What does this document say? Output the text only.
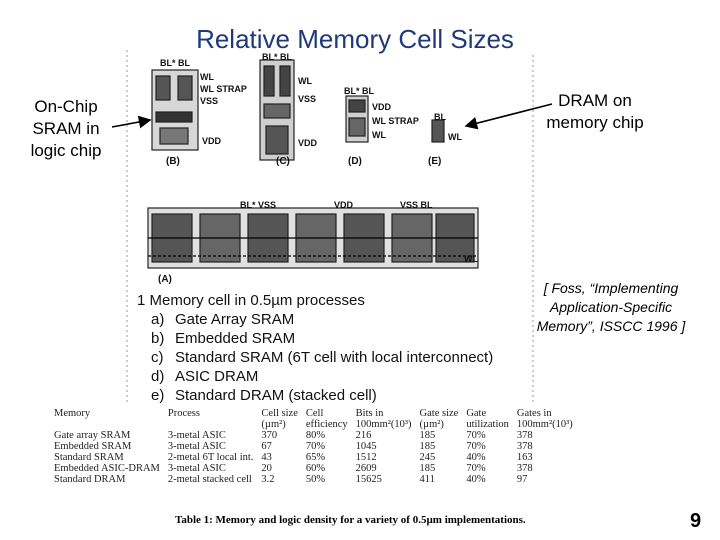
Relative Memory Cell Sizes
On-Chip
SRAM in
logic chip
DRAM on
memory chip
[ Foss, “Implementing
Application-Specific
Memory”, ISSCC 1996 ]
BL* BL
WL
WL STRAP
VSS
VDD
BL* BL
WL
VSS
VDD
BL* BL
VDD
WL STRAP
WL
BL
WL
(B)	(C)	(D)	(E)
BL* VSS	VDD	VSS BL
WL
(A)
1 Memory cell in 0.5µm processes
a) Gate Array SRAM
b) Embedded SRAM
c) Standard SRAM (6T cell with local interconnect)
d) ASIC DRAM
e) Standard DRAM (stacked cell)
Memory	Process	Cell size	Cell	Bits in	Gate size	Gate	Gates in
		(µm²)	efficiency	100mm²(10³)	(µm²)	utilization	100mm²(10³)
Gate array SRAM	3-metal ASIC	370	80%	216	185	70%	378
Embedded SRAM	3-metal ASIC	67	70%	1045	185	70%	378
Standard SRAM	2-metal 6T local int.	43	65%	1512	245	40%	163
Embedded ASIC-DRAM	3-metal ASIC	20	60%	2609	185	70%	378
Standard DRAM	2-metal stacked cell	3.2	50%	15625	411	40%	97
Table 1: Memory and logic density for a variety of 0.5µm implementations.	9
